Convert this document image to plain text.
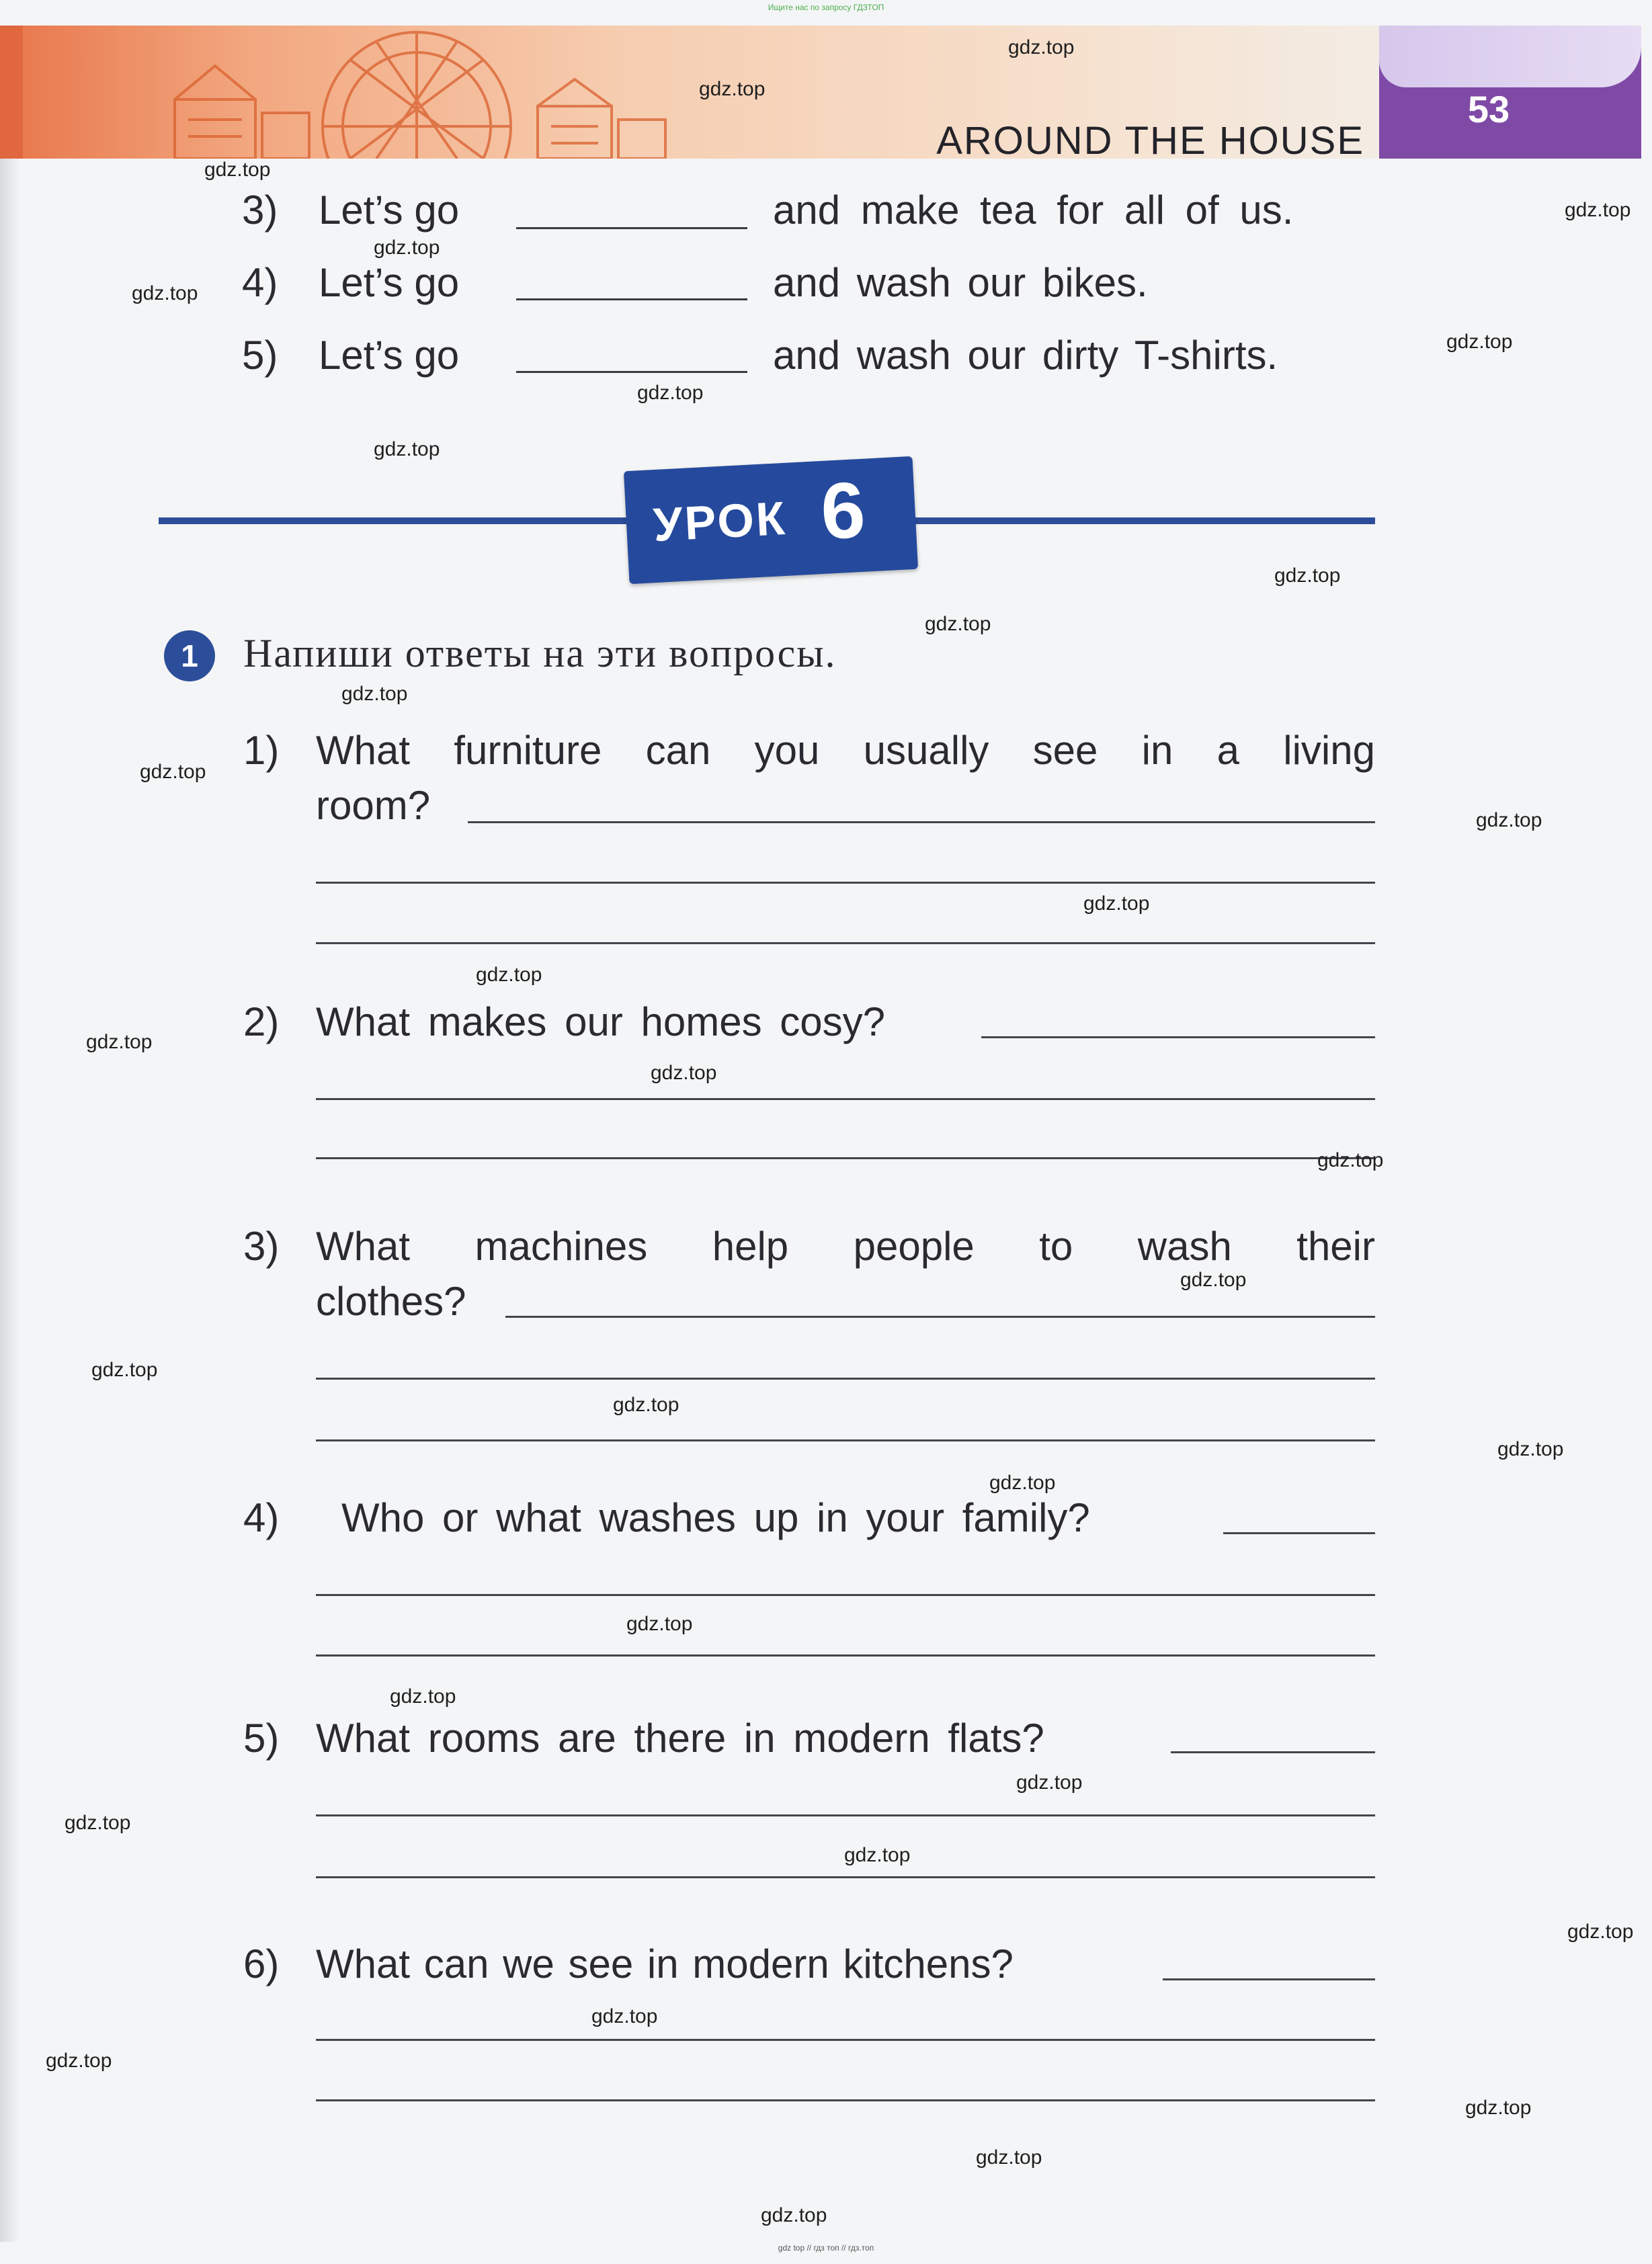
Ищите нас по запросу ГДЗТОП
53
AROUND THE HOUSE
3) Let’s go	and make tea for all of us.
4) Let’s go	and wash our bikes.
5) Let’s go	and wash our dirty T-shirts.
УРОК 6
1	Напиши ответы на эти вопросы.
1) What furniture can you usually see in a living
room?
2) What makes our homes cosy?
3) What machines help people to wash their
clothes?
4) Who or what washes up in your family?
5) What rooms are there in modern flats?
6) What can we see in modern kitchens?
gdz.top
gdz.top
gdz.top
gdz.top
gdz.top
gdz.top
gdz.top
gdz.top
gdz.top
gdz.top
gdz.top
gdz.top
gdz.top
gdz.top
gdz.top
gdz.top
gdz.top
gdz.top
gdz.top
gdz.top
gdz.top
gdz.top
gdz.top
gdz.top
gdz.top
gdz.top
gdz.top
gdz.top
gdz.top
gdz.top
gdz.top
gdz.top
gdz.top
gdz.top
gdz.top
gdz top // гдз топ // гдз.топ
